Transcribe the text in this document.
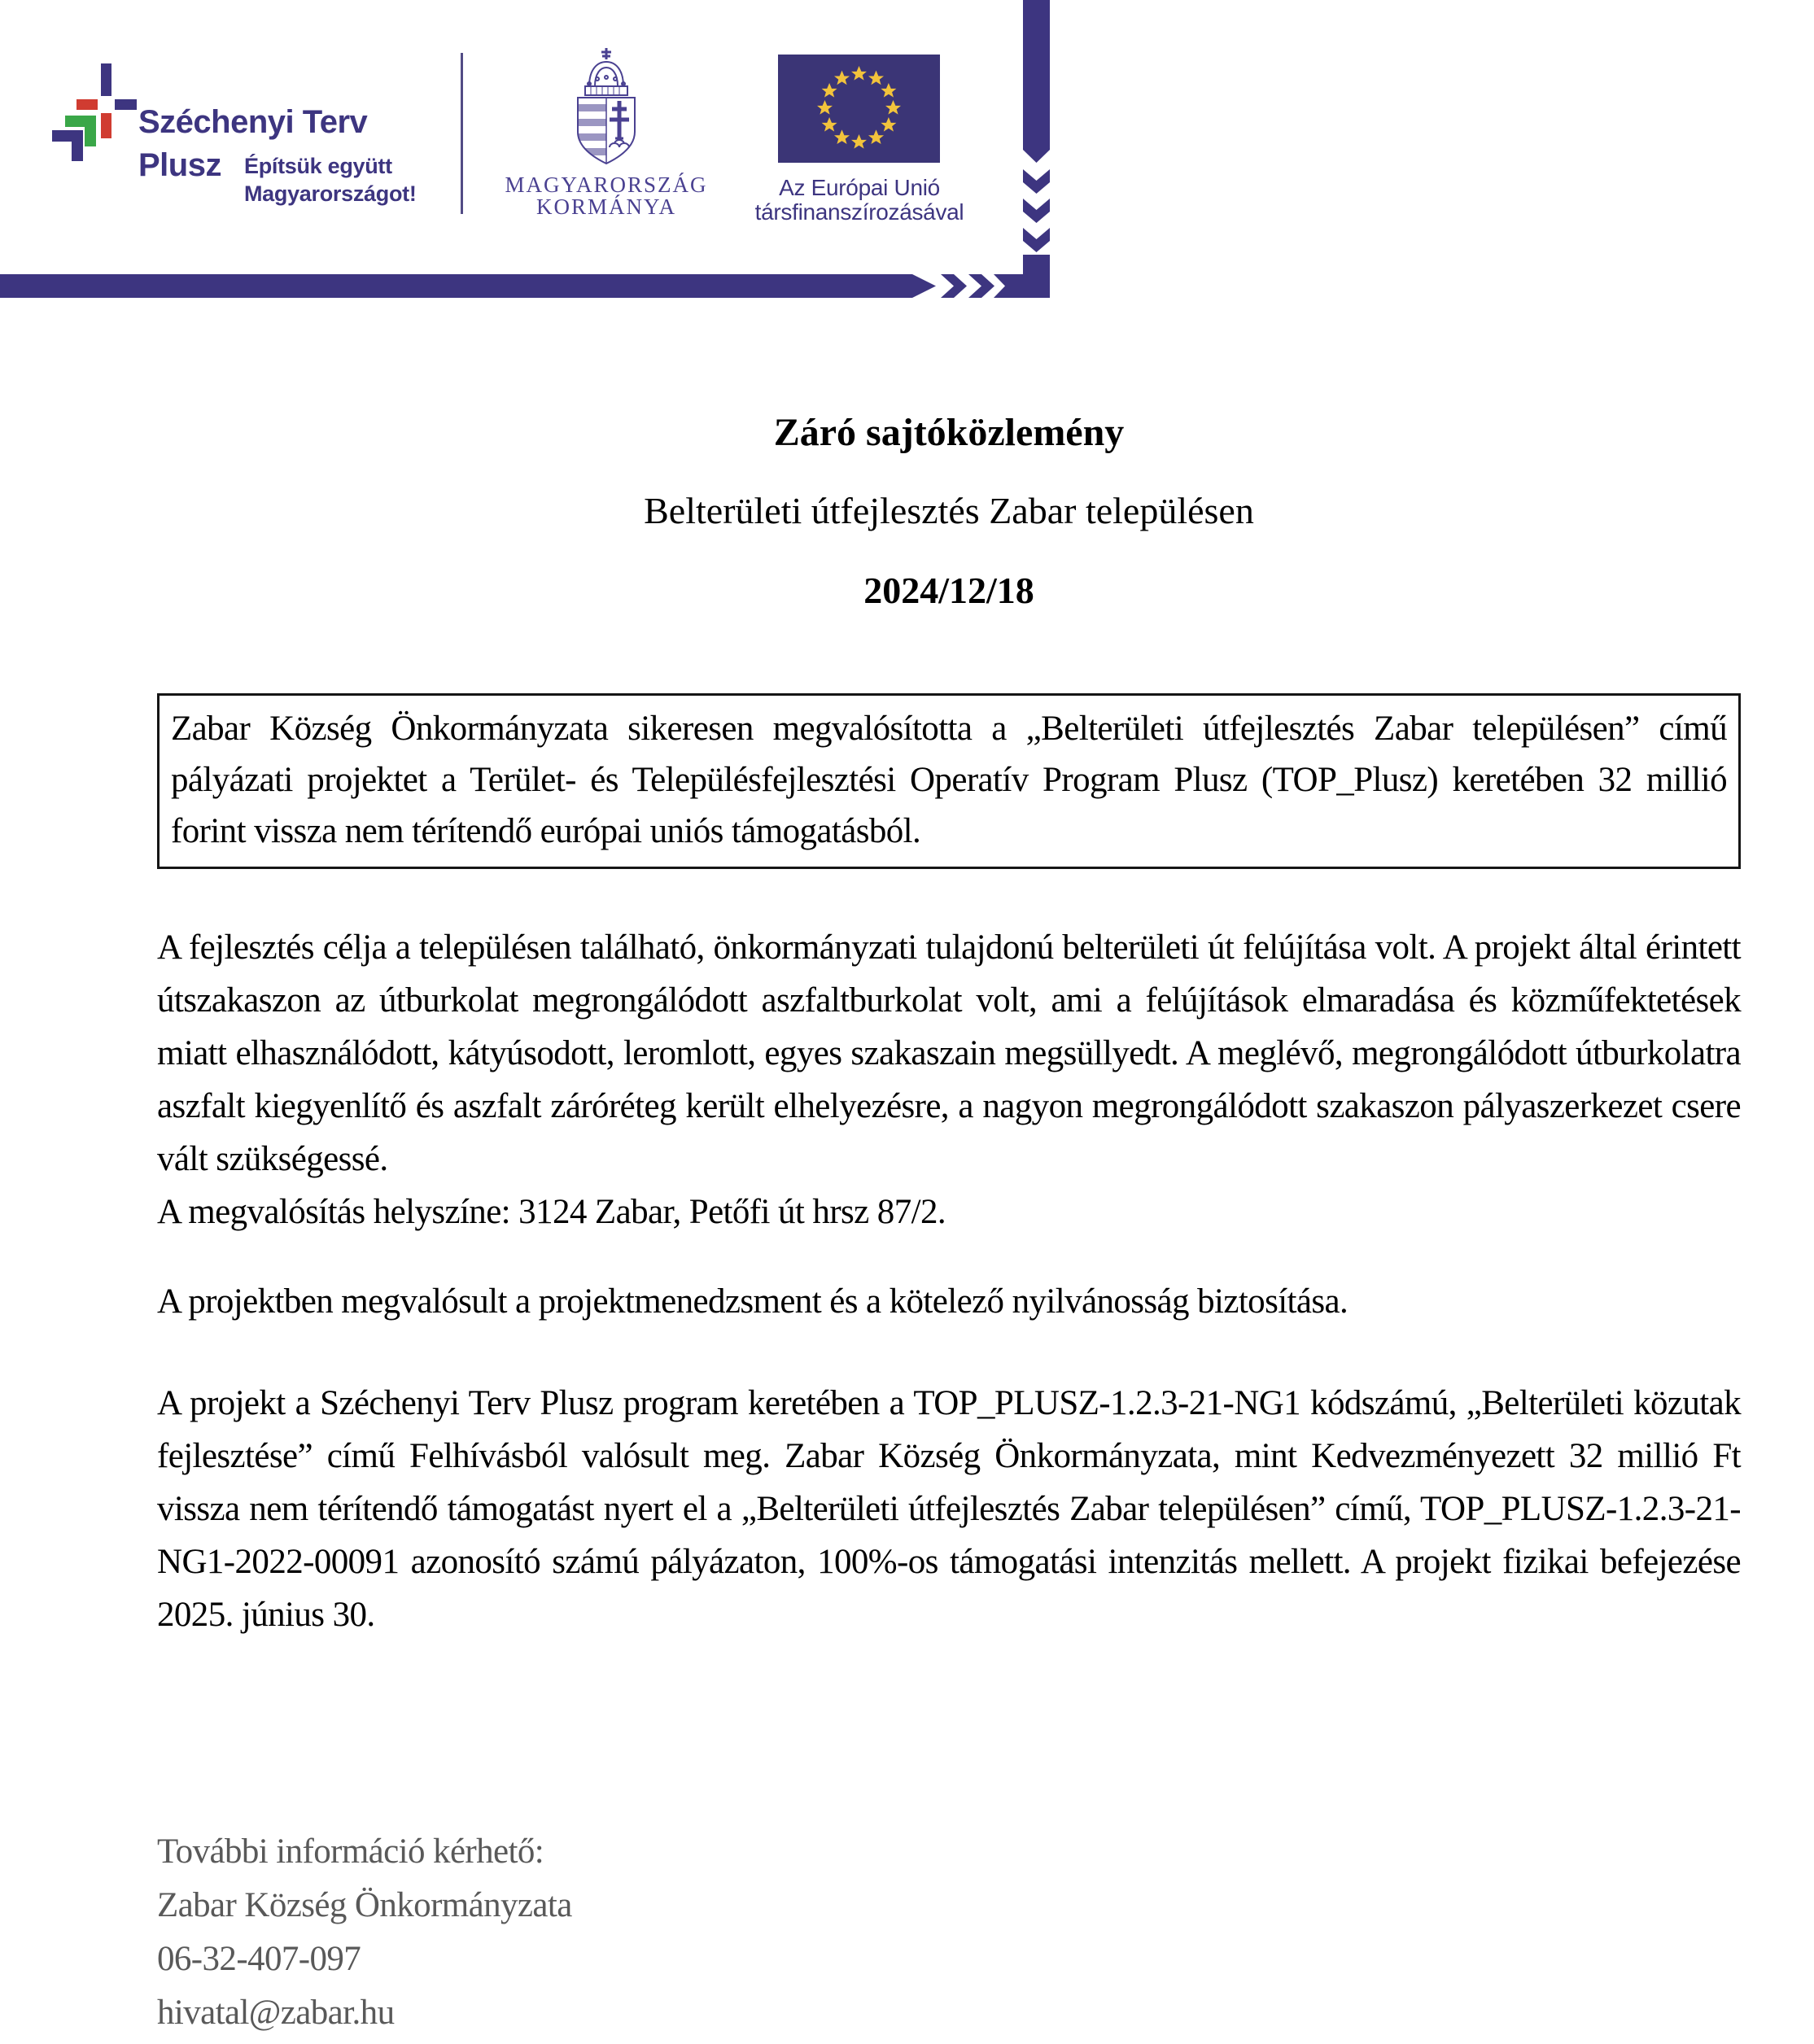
Széchenyi Terv
Plusz Építsük együtt
Magyarországot!	MAGYARORSZÁG
KORMÁNYA
Az Európai Unió
társfinanszírozásával
Záró sajtóközlemény
Belterületi útfejlesztés Zabar településen
2024/12/18

Zabar Község Önkormányzata sikeresen megvalósította a „Belterületi útfejlesztés Zabar településen” című pályázati projektet a Terület- és Településfejlesztési Operatív Program Plusz (TOP_Plusz) keretében 32 millió forint vissza nem térítendő európai uniós támogatásból.

A fejlesztés célja a településen található, önkormányzati tulajdonú belterületi út felújítása volt. A projekt által érintett útszakaszon az útburkolat megrongálódott aszfaltburkolat volt, ami a felújítások elmaradása és közműfektetések miatt elhasználódott, kátyúsodott, leromlott, egyes szakaszain megsüllyedt. A meglévő, megrongálódott útburkolatra aszfalt kiegyenlítő és aszfalt záróréteg került elhelyezésre, a nagyon megrongálódott szakaszon pályaszerkezet csere vált szükségessé.

A megvalósítás helyszíne: 3124 Zabar, Petőfi út hrsz 87/2.

A projektben megvalósult a projektmenedzsment és a kötelező nyilvánosság biztosítása.

A projekt a Széchenyi Terv Plusz program keretében a TOP_PLUSZ-1.2.3-21-NG1 kódszámú, „Belterületi közutak fejlesztése” című Felhívásból valósult meg. Zabar Község Önkormányzata, mint Kedvezményezett 32 millió Ft vissza nem térítendő támogatást nyert el a „Belterületi útfejlesztés Zabar településen” című, TOP_PLUSZ-1.2.3-21-NG1-2022-00091 azonosító számú pályázaton, 100%-os támogatási intenzitás mellett. A projekt fizikai befejezése 2025. június 30.

További információ kérhető:
Zabar Község Önkormányzata
06-32-407-097
hivatal@zabar.hu
